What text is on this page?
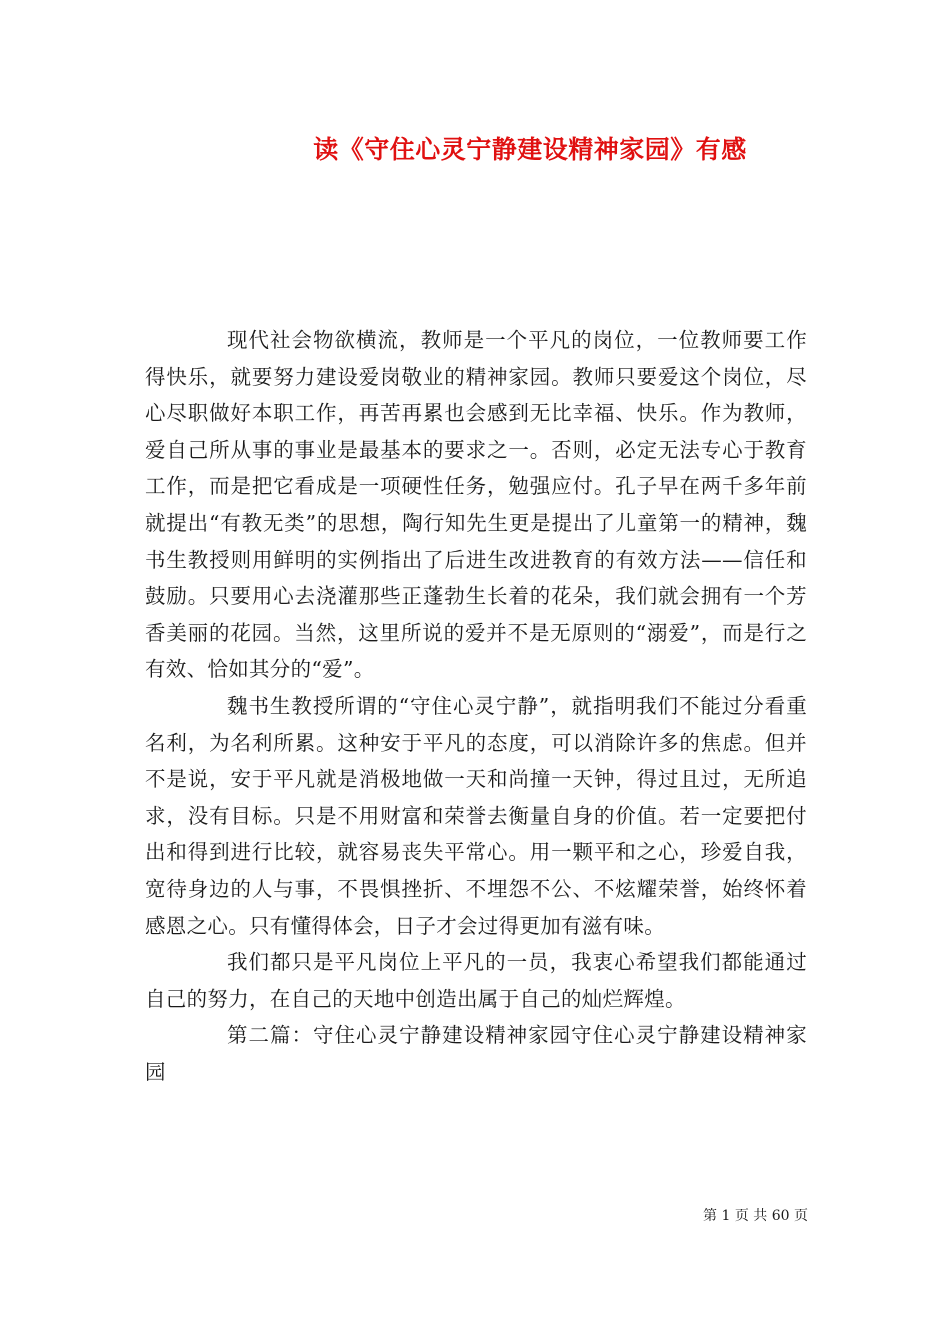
读《守住心灵宁静建设精神家园》有感

现代社会物欲横流，教师是一个平凡的岗位，一位教师要工作得快乐，就要努力建设爱岗敬业的精神家园。教师只要爱这个岗位，尽心尽职做好本职工作，再苦再累也会感到无比幸福、快乐。作为教师，爱自己所从事的事业是最基本的要求之一。否则，必定无法专心于教育工作，而是把它看成是一项硬性任务，勉强应付。孔子早在两千多年前就提出“有教无类”的思想，陶行知先生更是提出了儿童第一的精神，魏书生教授则用鲜明的实例指出了后进生改进教育的有效方法——信任和鼓励。只要用心去浇灌那些正蓬勃生长着的花朵，我们就会拥有一个芳香美丽的花园。当然，这里所说的爱并不是无原则的“溺爱”，而是行之有效、恰如其分的“爱”。

魏书生教授所谓的“守住心灵宁静”，就指明我们不能过分看重名利，为名利所累。这种安于平凡的态度，可以消除许多的焦虑。但并不是说，安于平凡就是消极地做一天和尚撞一天钟，得过且过，无所追求，没有目标。只是不用财富和荣誉去衡量自身的价值。若一定要把付出和得到进行比较，就容易丧失平常心。用一颗平和之心，珍爱自我，宽待身边的人与事，不畏惧挫折、不埋怨不公、不炫耀荣誉，始终怀着感恩之心。只有懂得体会，日子才会过得更加有滋有味。

我们都只是平凡岗位上平凡的一员，我衷心希望我们都能通过自己的努力，在自己的天地中创造出属于自己的灿烂辉煌。

第二篇：守住心灵宁静建设精神家园守住心灵宁静建设精神家园

第 1 页 共 60 页
